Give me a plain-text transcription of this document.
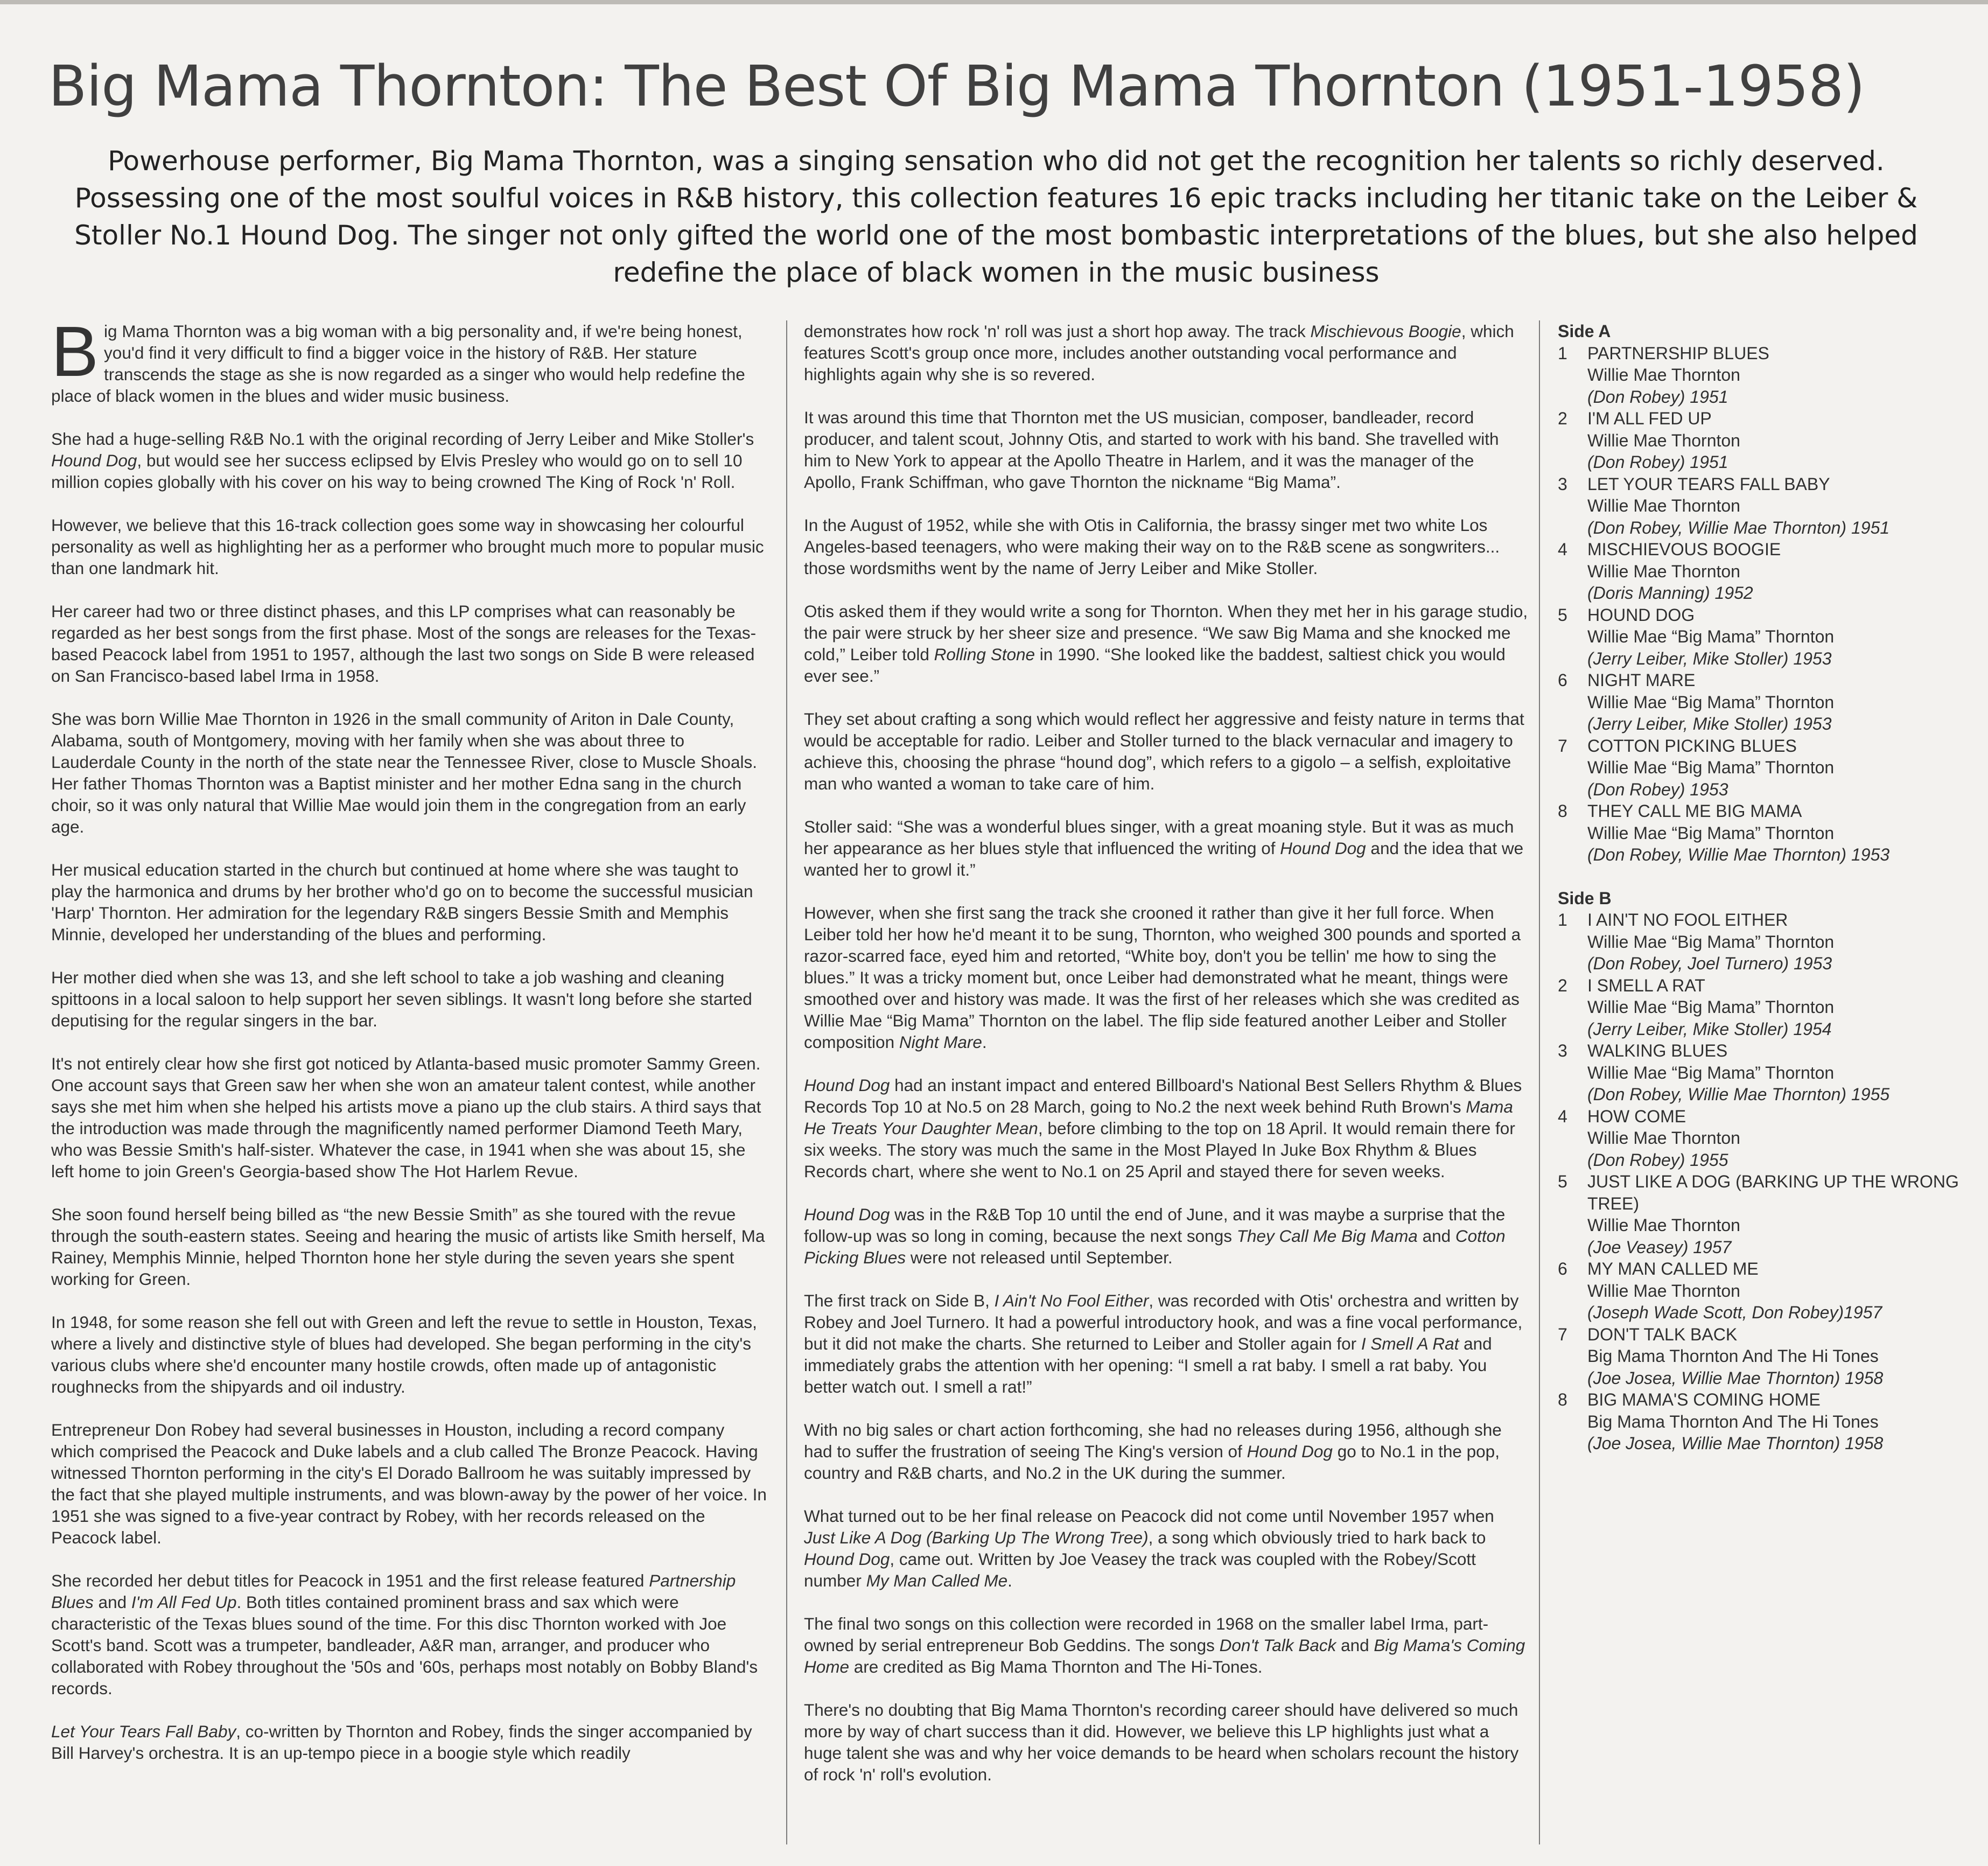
Big Mama Thornton: The Best Of Big Mama Thornton (1951-1958)

Powerhouse performer, Big Mama Thornton, was a singing sensation who did not get the recognition her talents so richly deserved. Possessing one of the most soulful voices in R&B history, this collection features 16 epic tracks including her titanic take on the Leiber & Stoller No.1 Hound Dog. The singer not only gifted the world one of the most bombastic interpretations of the blues, but she also helped redefine the place of black women in the music business

Big Mama Thornton was a big woman with a big personality and, if we're being honest, you'd find it very difficult to find a bigger voice in the history of R&B. Her stature transcends the stage as she is now regarded as a singer who would help redefine the place of black women in the blues and wider music business.

She had a huge-selling R&B No.1 with the original recording of Jerry Leiber and Mike Stoller's Hound Dog, but would see her success eclipsed by Elvis Presley who would go on to sell 10 million copies globally with his cover on his way to being crowned The King of Rock 'n' Roll.

However, we believe that this 16-track collection goes some way in showcasing her colourful personality as well as highlighting her as a performer who brought much more to popular music than one landmark hit.

Her career had two or three distinct phases, and this LP comprises what can reasonably be regarded as her best songs from the first phase. Most of the songs are releases for the Texas-based Peacock label from 1951 to 1957, although the last two songs on Side B were released on San Francisco-based label Irma in 1958.

She was born Willie Mae Thornton in 1926 in the small community of Ariton in Dale County, Alabama, south of Montgomery, moving with her family when she was about three to Lauderdale County in the north of the state near the Tennessee River, close to Muscle Shoals. Her father Thomas Thornton was a Baptist minister and her mother Edna sang in the church choir, so it was only natural that Willie Mae would join them in the congregation from an early age.

Her musical education started in the church but continued at home where she was taught to play the harmonica and drums by her brother who'd go on to become the successful musician 'Harp' Thornton. Her admiration for the legendary R&B singers Bessie Smith and Memphis Minnie, developed her understanding of the blues and performing.

Her mother died when she was 13, and she left school to take a job washing and cleaning spittoons in a local saloon to help support her seven siblings. It wasn't long before she started deputising for the regular singers in the bar.

It's not entirely clear how she first got noticed by Atlanta-based music promoter Sammy Green. One account says that Green saw her when she won an amateur talent contest, while another says she met him when she helped his artists move a piano up the club stairs. A third says that the introduction was made through the magnificently named performer Diamond Teeth Mary, who was Bessie Smith's half-sister. Whatever the case, in 1941 when she was about 15, she left home to join Green's Georgia-based show The Hot Harlem Revue.

She soon found herself being billed as “the new Bessie Smith” as she toured with the revue through the south-eastern states. Seeing and hearing the music of artists like Smith herself, Ma Rainey, Memphis Minnie, helped Thornton hone her style during the seven years she spent working for Green.

In 1948, for some reason she fell out with Green and left the revue to settle in Houston, Texas, where a lively and distinctive style of blues had developed. She began performing in the city's various clubs where she'd encounter many hostile crowds, often made up of antagonistic roughnecks from the shipyards and oil industry.

Entrepreneur Don Robey had several businesses in Houston, including a record company which comprised the Peacock and Duke labels and a club called The Bronze Peacock. Having witnessed Thornton performing in the city's El Dorado Ballroom he was suitably impressed by the fact that she played multiple instruments, and was blown-away by the power of her voice. In 1951 she was signed to a five-year contract by Robey, with her records released on the Peacock label.

She recorded her debut titles for Peacock in 1951 and the first release featured Partnership Blues and I'm All Fed Up. Both titles contained prominent brass and sax which were characteristic of the Texas blues sound of the time. For this disc Thornton worked with Joe Scott's band. Scott was a trumpeter, bandleader, A&R man, arranger, and producer who collaborated with Robey throughout the '50s and '60s, perhaps most notably on Bobby Bland's records.

Let Your Tears Fall Baby, co-written by Thornton and Robey, finds the singer accompanied by Bill Harvey's orchestra. It is an up-tempo piece in a boogie style which readily

demonstrates how rock 'n' roll was just a short hop away. The track Mischievous Boogie, which features Scott's group once more, includes another outstanding vocal performance and highlights again why she is so revered.

It was around this time that Thornton met the US musician, composer, bandleader, record producer, and talent scout, Johnny Otis, and started to work with his band. She travelled with him to New York to appear at the Apollo Theatre in Harlem, and it was the manager of the Apollo, Frank Schiffman, who gave Thornton the nickname “Big Mama”.

In the August of 1952, while she with Otis in California, the brassy singer met two white Los Angeles-based teenagers, who were making their way on to the R&B scene as songwriters... those wordsmiths went by the name of Jerry Leiber and Mike Stoller.

Otis asked them if they would write a song for Thornton. When they met her in his garage studio, the pair were struck by her sheer size and presence. “We saw Big Mama and she knocked me cold,” Leiber told Rolling Stone in 1990. “She looked like the baddest, saltiest chick you would ever see.”

They set about crafting a song which would reflect her aggressive and feisty nature in terms that would be acceptable for radio. Leiber and Stoller turned to the black vernacular and imagery to achieve this, choosing the phrase “hound dog”, which refers to a gigolo – a selfish, exploitative man who wanted a woman to take care of him.

Stoller said: “She was a wonderful blues singer, with a great moaning style. But it was as much her appearance as her blues style that influenced the writing of Hound Dog and the idea that we wanted her to growl it.”

However, when she first sang the track she crooned it rather than give it her full force. When Leiber told her how he'd meant it to be sung, Thornton, who weighed 300 pounds and sported a razor-scarred face, eyed him and retorted, “White boy, don't you be tellin' me how to sing the blues.” It was a tricky moment but, once Leiber had demonstrated what he meant, things were smoothed over and history was made. It was the first of her releases which she was credited as Willie Mae “Big Mama” Thornton on the label. The flip side featured another Leiber and Stoller composition Night Mare.

Hound Dog had an instant impact and entered Billboard's National Best Sellers Rhythm & Blues Records Top 10 at No.5 on 28 March, going to No.2 the next week behind Ruth Brown's Mama He Treats Your Daughter Mean, before climbing to the top on 18 April. It would remain there for six weeks. The story was much the same in the Most Played In Juke Box Rhythm & Blues Records chart, where she went to No.1 on 25 April and stayed there for seven weeks.

Hound Dog was in the R&B Top 10 until the end of June, and it was maybe a surprise that the follow-up was so long in coming, because the next songs They Call Me Big Mama and Cotton Picking Blues were not released until September.

The first track on Side B, I Ain't No Fool Either, was recorded with Otis' orchestra and written by Robey and Joel Turnero. It had a powerful introductory hook, and was a fine vocal performance, but it did not make the charts. She returned to Leiber and Stoller again for I Smell A Rat and immediately grabs the attention with her opening: “I smell a rat baby. I smell a rat baby. You better watch out. I smell a rat!”

With no big sales or chart action forthcoming, she had no releases during 1956, although she had to suffer the frustration of seeing The King's version of Hound Dog go to No.1 in the pop, country and R&B charts, and No.2 in the UK during the summer.

What turned out to be her final release on Peacock did not come until November 1957 when Just Like A Dog (Barking Up The Wrong Tree), a song which obviously tried to hark back to Hound Dog, came out. Written by Joe Veasey the track was coupled with the Robey/Scott number My Man Called Me.

The final two songs on this collection were recorded in 1968 on the smaller label Irma, part-owned by serial entrepreneur Bob Geddins. The songs Don't Talk Back and Big Mama's Coming Home are credited as Big Mama Thornton and The Hi-Tones.

There's no doubting that Big Mama Thornton's recording career should have delivered so much more by way of chart success than it did. However, we believe this LP highlights just what a huge talent she was and why her voice demands to be heard when scholars recount the history of rock 'n' roll's evolution.

Side A
1	PARTNERSHIP BLUES
Willie Mae Thornton
(Don Robey) 1951
2	I'M ALL FED UP
Willie Mae Thornton
(Don Robey) 1951
3	LET YOUR TEARS FALL BABY
Willie Mae Thornton
(Don Robey, Willie Mae Thornton) 1951
4	MISCHIEVOUS BOOGIE
Willie Mae Thornton
(Doris Manning) 1952
5	HOUND DOG
Willie Mae “Big Mama” Thornton
(Jerry Leiber, Mike Stoller) 1953
6	NIGHT MARE
Willie Mae “Big Mama” Thornton
(Jerry Leiber, Mike Stoller) 1953
7	COTTON PICKING BLUES
Willie Mae “Big Mama” Thornton
(Don Robey) 1953
8	THEY CALL ME BIG MAMA
Willie Mae “Big Mama” Thornton
(Don Robey, Willie Mae Thornton) 1953
Side B
1	I AIN'T NO FOOL EITHER
Willie Mae “Big Mama” Thornton
(Don Robey, Joel Turnero) 1953
2	I SMELL A RAT
Willie Mae “Big Mama” Thornton
(Jerry Leiber, Mike Stoller) 1954
3	WALKING BLUES
Willie Mae “Big Mama” Thornton
(Don Robey, Willie Mae Thornton) 1955
4	HOW COME
Willie Mae Thornton
(Don Robey) 1955
5	JUST LIKE A DOG (BARKING UP THE WRONG TREE)
Willie Mae Thornton
(Joe Veasey) 1957
6	MY MAN CALLED ME
Willie Mae Thornton
(Joseph Wade Scott, Don Robey)1957
7	DON'T TALK BACK
Big Mama Thornton And The Hi Tones
(Joe Josea, Willie Mae Thornton) 1958
8	BIG MAMA'S COMING HOME
Big Mama Thornton And The Hi Tones
(Joe Josea, Willie Mae Thornton) 1958
